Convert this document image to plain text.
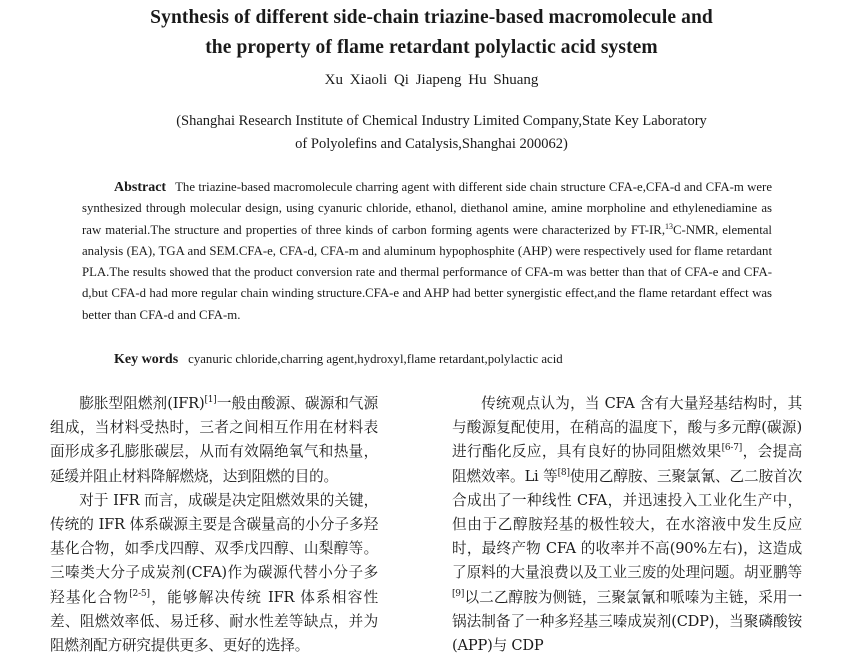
Synthesis of different side-chain triazine-based macromolecule and
the property of flame retardant polylactic acid system
Xu Xiaoli Qi Jiapeng Hu Shuang
(Shanghai Research Institute of Chemical Industry Limited Company,State Key Laboratory
of Polyolefins and Catalysis,Shanghai 200062)
Abstract The triazine-based macromolecule charring agent with different side chain structure CFA-e,CFA-d and CFA-m were synthesized through molecular design, using cyanuric chloride, ethanol, diethanol amine, amine morpholine and ethylenediamine as raw material.The structure and properties of three kinds of carbon forming agents were characterized by FT-IR,$^{13}$C-NMR, elemental analysis (EA), TGA and SEM.CFA-e, CFA-d, CFA-m and aluminum hypophosphite (AHP) were respectively used for flame retardant PLA.The results showed that the product conversion rate and thermal performance of CFA-m was better than that of CFA-e and CFA-d,but CFA-d had more regular chain winding structure.CFA-e and AHP had better synergistic effect,and the flame retardant effect was better than CFA-d and CFA-m.
Key words cyanuric chloride,charring agent,hydroxyl,flame retardant,polylactic acid

膨胀型阻燃剂(IFR)[1]一般由酸源、碳源和气源组成，当材料受热时，三者之间相互作用在材料表面形成多孔膨胀碳层，从而有效隔绝氧气和热量，延缓并阻止材料降解燃烧，达到阻燃的目的。

对于 IFR 而言，成碳是决定阻燃效果的关键，传统的 IFR 体系碳源主要是含碳量高的小分子多羟基化合物，如季戊四醇、双季戊四醇、山梨醇等。三嗪类大分子成炭剂(CFA)作为碳源代替小分子多羟基化合物[2-5]，能够解决传统 IFR 体系相容性差、阻燃效率低、易迁移、耐水性差等缺点，并为阻燃剂配方研究提供更多、更好的选择。

传统观点认为，当 CFA 含有大量羟基结构时，其与酸源复配使用，在稍高的温度下，酸与多元醇(碳源)进行酯化反应，具有良好的协同阻燃效果[6-7]，会提高阻燃效率。Li 等[8]使用乙醇胺、三聚氯氰、乙二胺首次合成出了一种线性 CFA，并迅速投入工业化生产中，但由于乙醇胺羟基的极性较大，在水溶液中发生反应时，最终产物 CFA 的收率并不高(90%左右)，这造成了原料的大量浪费以及工业三废的处理问题。胡亚鹏等[9]以二乙醇胺为侧链，三聚氯氰和哌嗪为主链，采用一锅法制备了一种多羟基三嗪成炭剂(CDP)，当聚磷酸铵(APP)与 CDP
